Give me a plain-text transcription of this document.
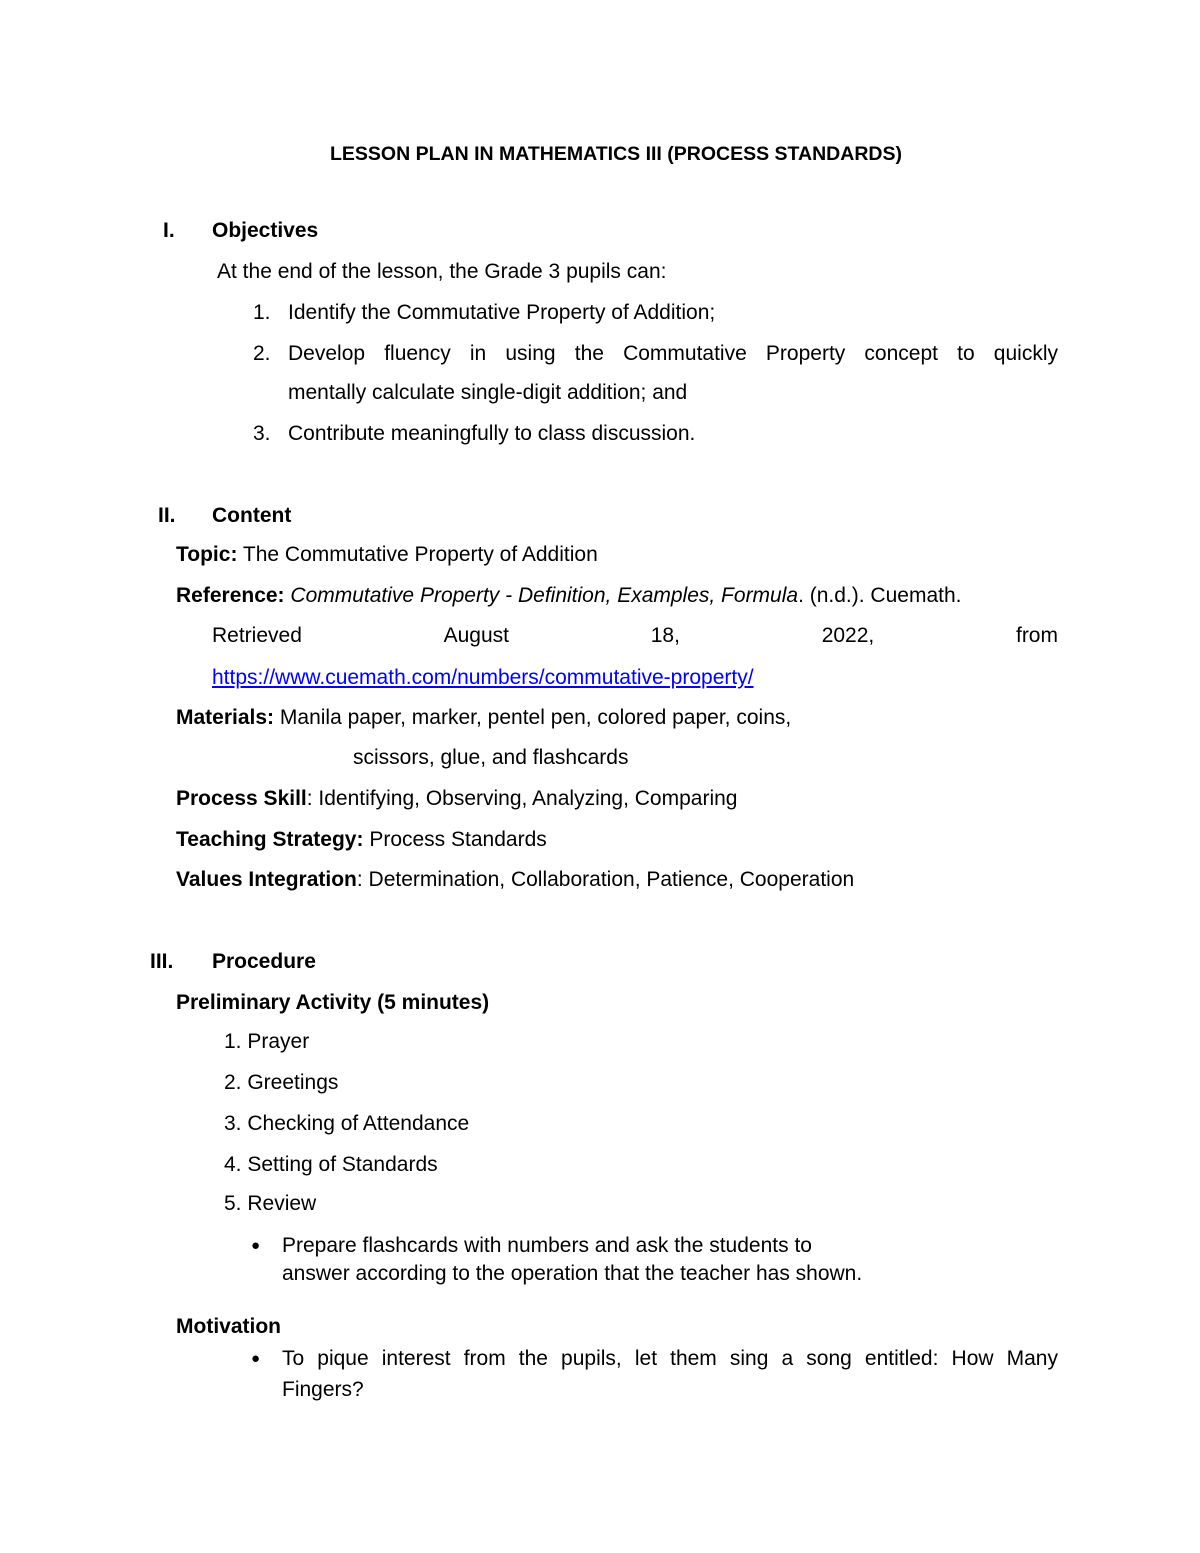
LESSON PLAN IN MATHEMATICS III (PROCESS STANDARDS)
I. Objectives
At the end of the lesson, the Grade 3 pupils can:
1. Identify the Commutative Property of Addition;
2. Develop fluency in using the Commutative Property concept to quickly
mentally calculate single-digit addition; and
3. Contribute meaningfully to class discussion.
II. Content
Topic: The Commutative Property of Addition
Reference: Commutative Property - Definition, Examples, Formula. (n.d.). Cuemath.
Retrieved	August	18,	2022,	from
https://www.cuemath.com/numbers/commutative-property/
Materials: Manila paper, marker, pentel pen, colored paper, coins,
scissors, glue, and flashcards
Process Skill: Identifying, Observing, Analyzing, Comparing
Teaching Strategy: Process Standards
Values Integration: Determination, Collaboration, Patience, Cooperation
III. Procedure
Preliminary Activity (5 minutes)
1. Prayer
2. Greetings
3. Checking of Attendance
4. Setting of Standards
5. Review
● Prepare flashcards with numbers and ask the students to
answer according to the operation that the teacher has shown.
Motivation
● To pique interest from the pupils, let them sing a song entitled: How Many
Fingers?
